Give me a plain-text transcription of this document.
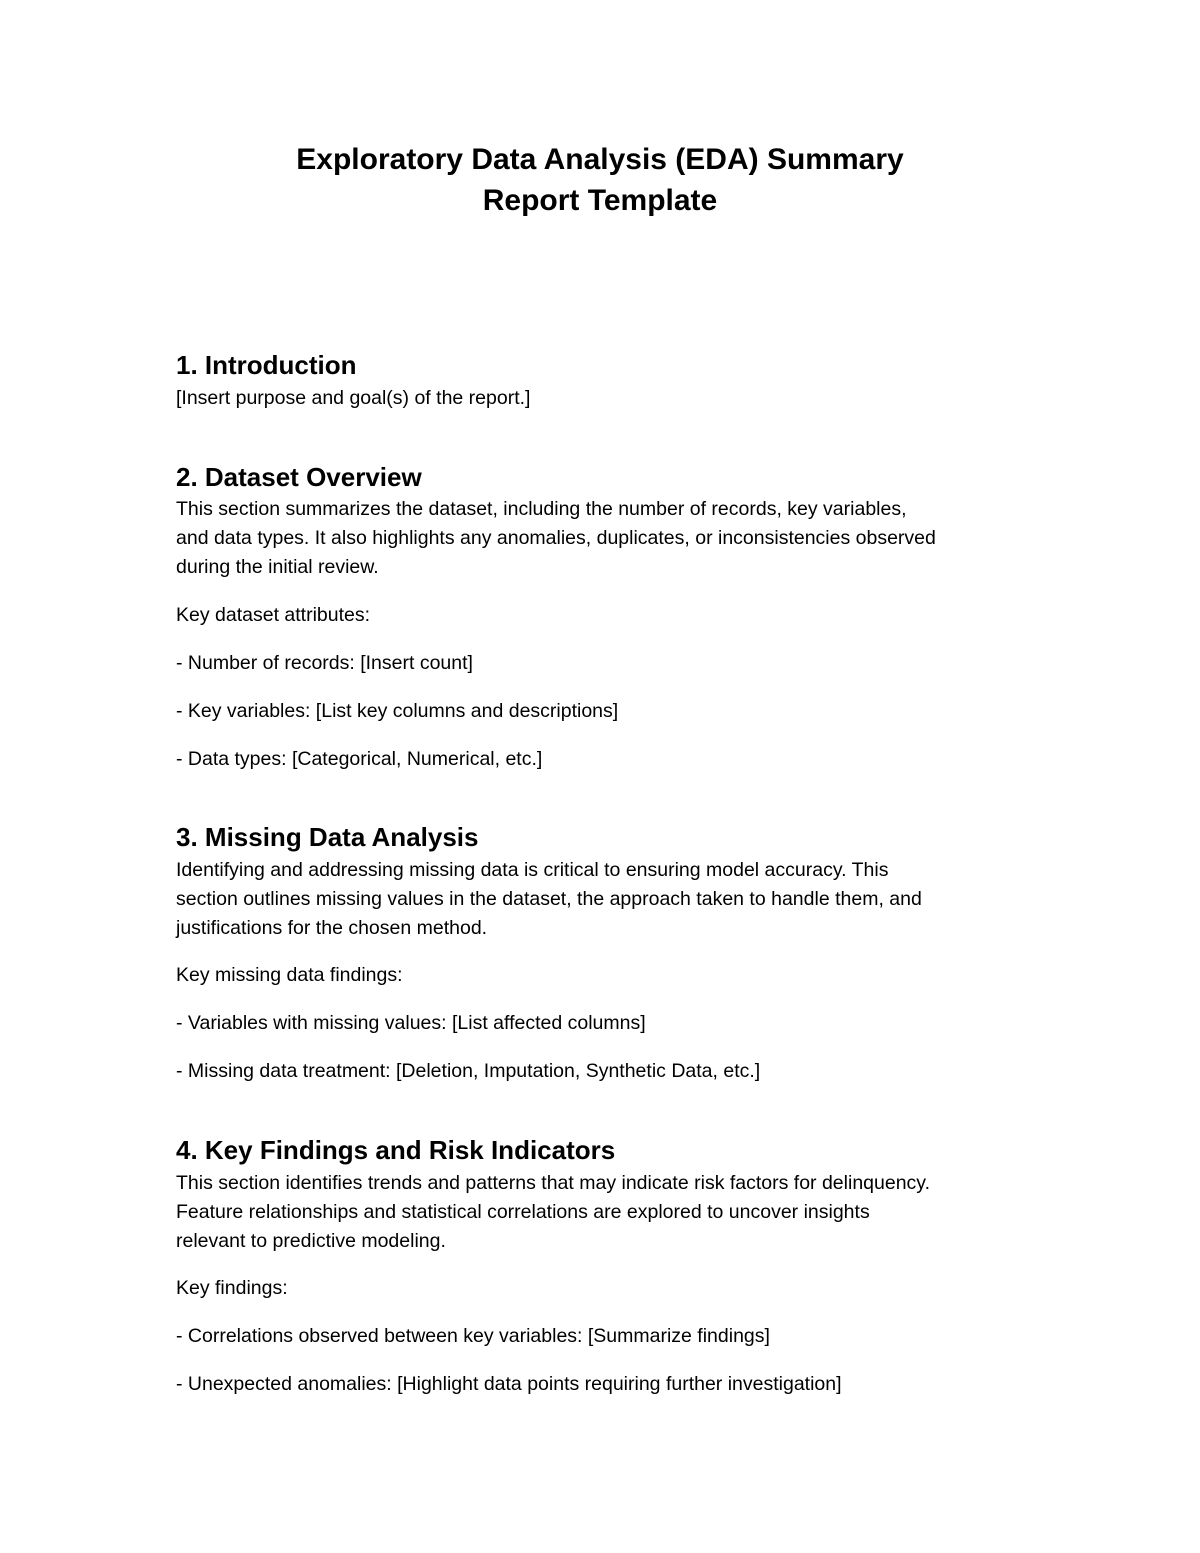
Exploratory Data Analysis (EDA) Summary
Report Template
1. Introduction

[Insert purpose and goal(s) of the report.]

2. Dataset Overview

This section summarizes the dataset, including the number of records, key variables,
and data types. It also highlights any anomalies, duplicates, or inconsistencies observed
during the initial review.

Key dataset attributes:

- Number of records: [Insert count]

- Key variables: [List key columns and descriptions]

- Data types: [Categorical, Numerical, etc.]

3. Missing Data Analysis

Identifying and addressing missing data is critical to ensuring model accuracy. This
section outlines missing values in the dataset, the approach taken to handle them, and
justifications for the chosen method.

Key missing data findings:

- Variables with missing values: [List affected columns]

- Missing data treatment: [Deletion, Imputation, Synthetic Data, etc.]

4. Key Findings and Risk Indicators

This section identifies trends and patterns that may indicate risk factors for delinquency.
Feature relationships and statistical correlations are explored to uncover insights
relevant to predictive modeling.

Key findings:

- Correlations observed between key variables: [Summarize findings]

- Unexpected anomalies: [Highlight data points requiring further investigation]
